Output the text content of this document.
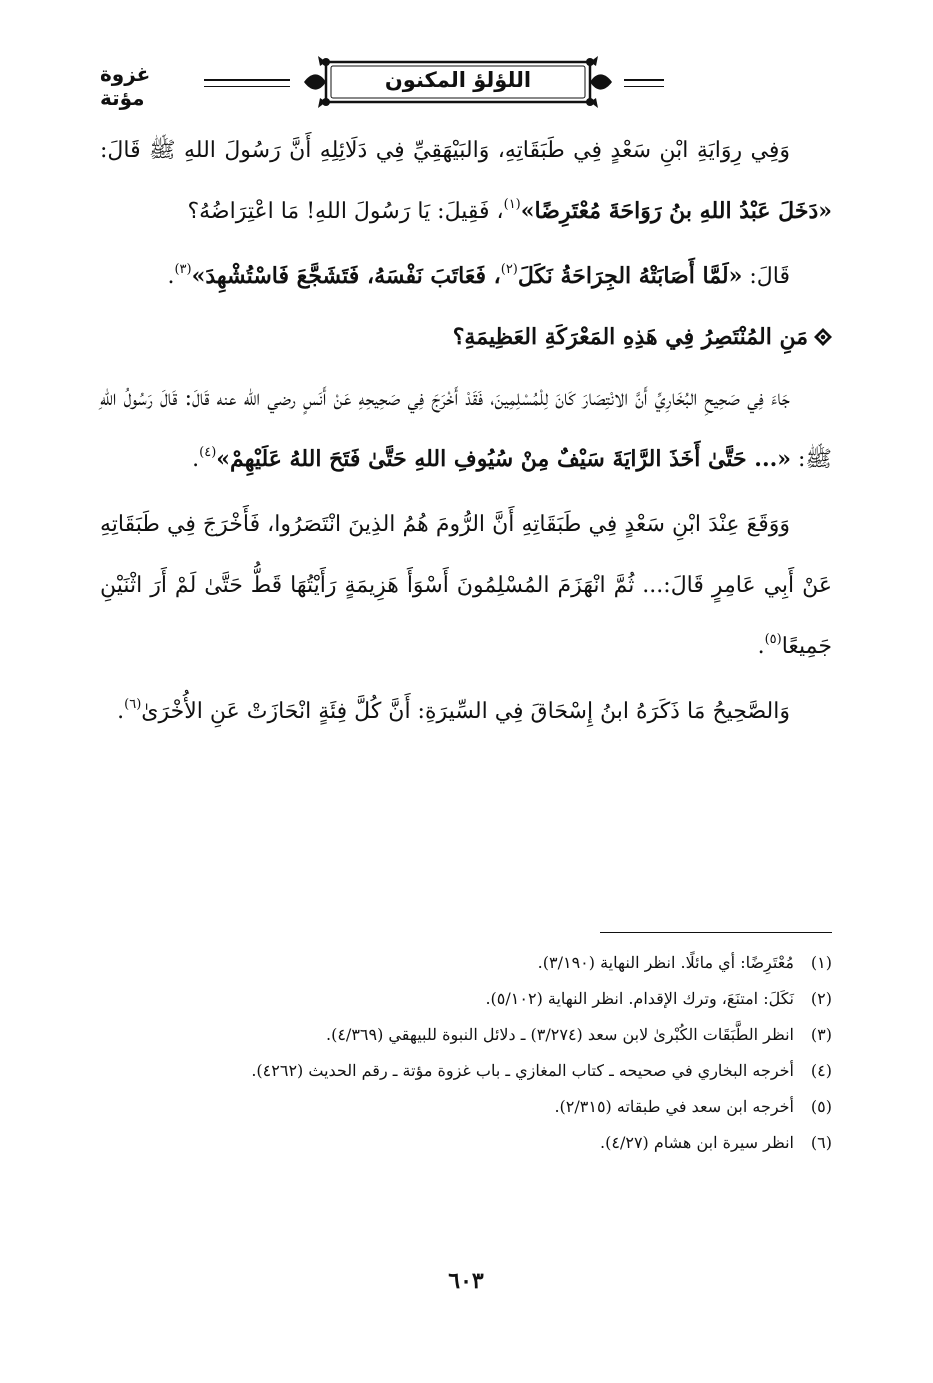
غزوة مؤتة
اللؤلؤ المكنون

وَفِي رِوَايَةِ ابْنِ سَعْدٍ فِي طَبَقَاتِهِ، وَالبَيْهَقِيِّ فِي دَلَائِلِهِ أَنَّ رَسُولَ اللهِ ﷺ قَالَ: «دَخَلَ عَبْدُ اللهِ بنُ رَوَاحَةَ مُعْتَرِضًا»$^{(١)}$، فَقِيلَ: يَا رَسُولَ اللهِ! مَا اعْتِرَاضُهُ؟

قَالَ: «لَمَّا أَصَابَتْهُ الجِرَاحَةُ نَكَلَ$^{(٢)}$، فَعَاتَبَ نَفْسَهُ، فَتَشَجَّعَ فَاسْتُشْهِدَ»$^{(٣)}$.

مَنِ المُنْتَصِرُ فِي هَذِهِ المَعْرَكَةِ العَظِيمَةِ؟

جَاءَ فِي صَحِيحِ البُخَارِيِّ أَنَّ الانْتِصَارَ كَانَ لِلْمُسْلِمِينَ، فَقَدْ أَخْرَجَ فِي صَحِيحِهِ عَنْ أَنَسٍ رضي الله عنه قَالَ: قَالَ رَسُولُ اللهِ ﷺ: «... حَتَّىٰ أَخَذَ الرَّايَةَ سَيْفٌ مِنْ سُيُوفِ اللهِ حَتَّىٰ فَتَحَ اللهُ عَلَيْهِمْ»$^{(٤)}$.

وَوَقَعَ عِنْدَ ابْنِ سَعْدٍ فِي طَبَقَاتِهِ أَنَّ الرُّومَ هُمُ الذِينَ انْتَصَرُوا، فَأَخْرَجَ فِي طَبَقَاتِهِ عَنْ أَبِي عَامِرٍ قَالَ:... ثُمَّ انْهَزَمَ المُسْلِمُونَ أَسْوَأَ هَزِيمَةٍ رَأَيْتُهَا قَطُّ حَتَّىٰ لَمْ أَرَ اثْنَيْنِ جَمِيعًا$^{(٥)}$.

وَالصَّحِيحُ مَا ذَكَرَهُ ابنُ إِسْحَاقَ فِي السِّيرَةِ: أَنَّ كُلَّ فِئَةٍ انْحَازَتْ عَنِ الأُخْرَىٰ$^{(٦)}$.

(١)
مُعْتَرِضًا: أي مائلًا. انظر النهاية (٣/١٩٠).
(٢)
نَكَلَ: امتنَعَ، وترك الإقدام. انظر النهاية (٥/١٠٢).
(٣)
انظر الطَّبَقَات الكُبْرىٰ لابن سعد (٣/٢٧٤) ـ دلائل النبوة للبيهقي (٤/٣٦٩).
(٤)
أخرجه البخاري في صحيحه ـ كتاب المغازي ـ باب غزوة مؤتة ـ رقم الحديث (٤٢٦٢).
(٥)
أخرجه ابن سعد في طبقاته (٢/٣١٥).
(٦)
انظر سيرة ابن هشام (٤/٢٧).
٦٠٣
